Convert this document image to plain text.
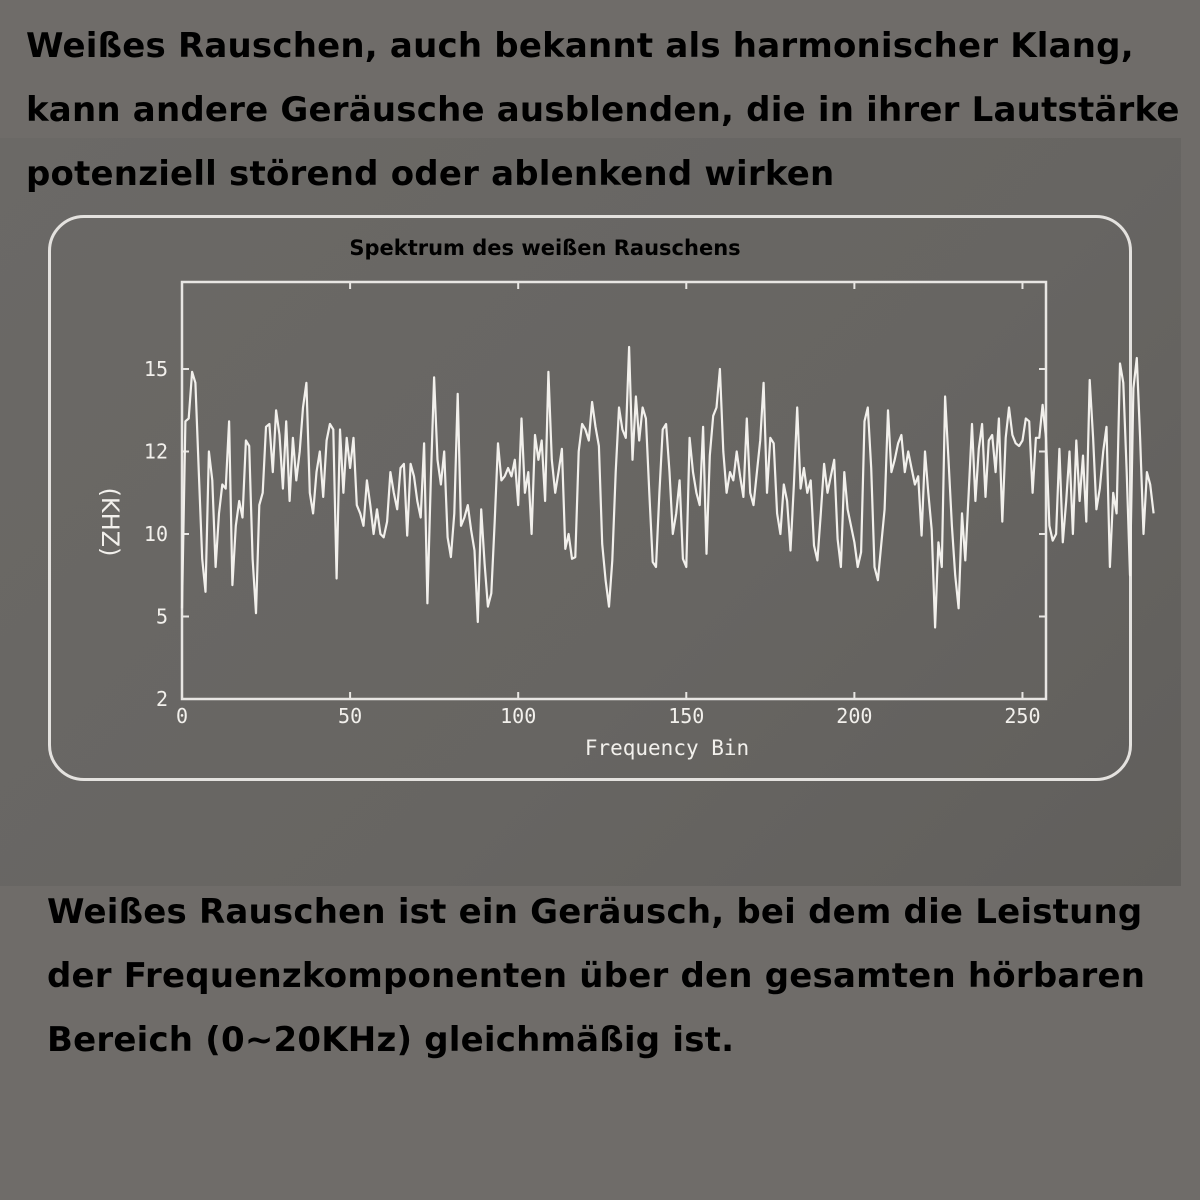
Weißes Rauschen, auch bekannt als harmonischer Klang, kann andere Geräusche ausblenden, die in ihrer Lautstärke potenziell störend oder ablenkend wirken
Spektrum des weißen Rauschens
0	50	100	150	200	250
2
5
10
12
15
Frequency Bin
(KHZ)
Weißes Rauschen ist ein Geräusch, bei dem die Leistung der Frequenzkomponenten über den gesamten hörbaren Bereich (0~20KHz) gleichmäßig ist.
